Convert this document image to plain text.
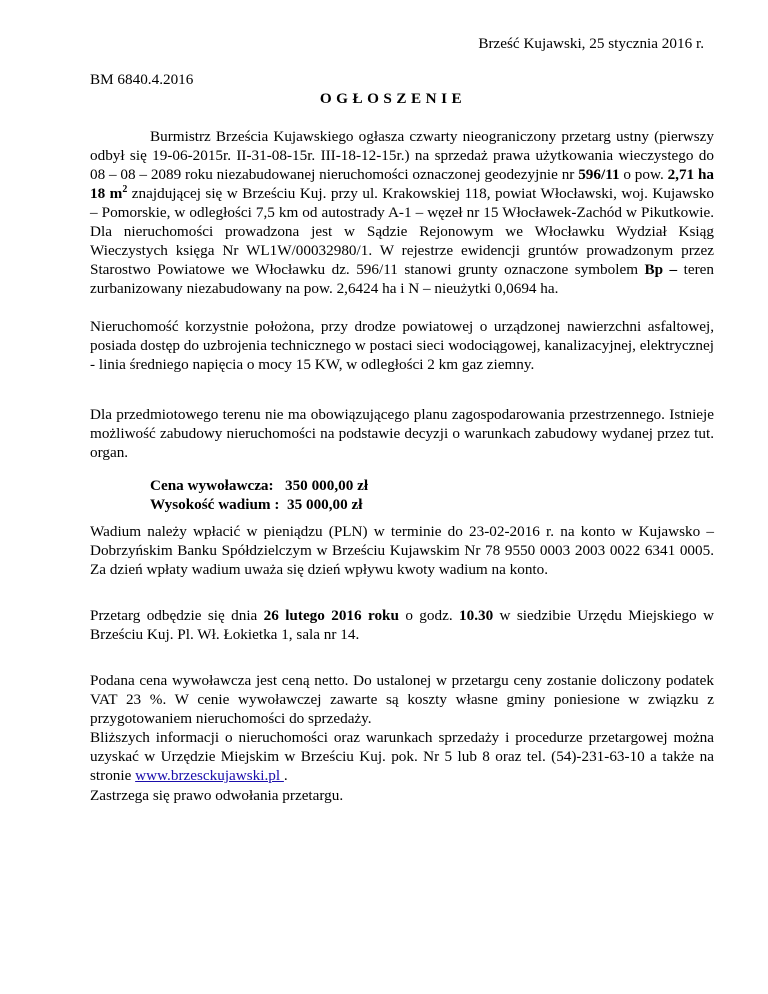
Brześć Kujawski, 25 stycznia 2016 r.
BM 6840.4.2016
OGŁOSZENIE
Burmistrz Brześcia Kujawskiego ogłasza czwarty nieograniczony przetarg ustny (pierwszy odbył się 19-06-2015r. II-31-08-15r. III-18-12-15r.) na sprzedaż prawa użytkowania wieczystego do 08 – 08 – 2089 roku niezabudowanej nieruchomości oznaczonej geodezyjnie nr 596/11 o pow. 2,71 ha 18 $m^2$ znajdującej się w Brześciu Kuj. przy ul. Krakowskiej 118, powiat Włocławski, woj. Kujawsko – Pomorskie, w odległości 7,5 km od autostrady A-1 – węzeł nr 15 Włocławek-Zachód w Pikutkowie. Dla nieruchomości prowadzona jest w Sądzie Rejonowym we Włocławku Wydział Ksiąg Wieczystych księga Nr WL1W/00032980/1. W rejestrze ewidencji gruntów prowadzonym przez Starostwo Powiatowe we Włocławku dz. 596/11 stanowi grunty oznaczone symbolem Bp – teren zurbanizowany niezabudowany na pow. 2,6424 ha i N – nieużytki 0,0694 ha.
Nieruchomość korzystnie położona, przy drodze powiatowej o urządzonej nawierzchni asfaltowej, posiada dostęp do uzbrojenia technicznego w postaci sieci wodociągowej, kanalizacyjnej, elektrycznej - linia średniego napięcia o mocy 15 KW, w odległości 2 km gaz ziemny.
Dla przedmiotowego terenu nie ma obowiązującego planu zagospodarowania przestrzennego. Istnieje możliwość zabudowy nieruchomości na podstawie decyzji o warunkach zabudowy wydanej przez tut. organ.
Cena wywoławcza: 350 000,00 zł
Wysokość wadium : 35 000,00 zł
Wadium należy wpłacić w pieniądzu (PLN) w terminie do 23-02-2016 r. na konto w Kujawsko – Dobrzyńskim Banku Spółdzielczym w Brześciu Kujawskim Nr 78 9550 0003 2003 0022 6341 0005. Za dzień wpłaty wadium uważa się dzień wpływu kwoty wadium na konto.
Przetarg odbędzie się dnia 26 lutego 2016 roku o godz. 10.30 w siedzibie Urzędu Miejskiego w Brześciu Kuj. Pl. Wł. Łokietka 1, sala nr 14.
Podana cena wywoławcza jest ceną netto. Do ustalonej w przetargu ceny zostanie doliczony podatek VAT 23 %. W cenie wywoławczej zawarte są koszty własne gminy poniesione w związku z przygotowaniem nieruchomości do sprzedaży.
Bliższych informacji o nieruchomości oraz warunkach sprzedaży i procedurze przetargowej można uzyskać w Urzędzie Miejskim w Brześciu Kuj. pok. Nr 5 lub 8 oraz tel. (54)-231-63-10 a także na stronie www.brzesckujawski.pl .
Zastrzega się prawo odwołania przetargu.
